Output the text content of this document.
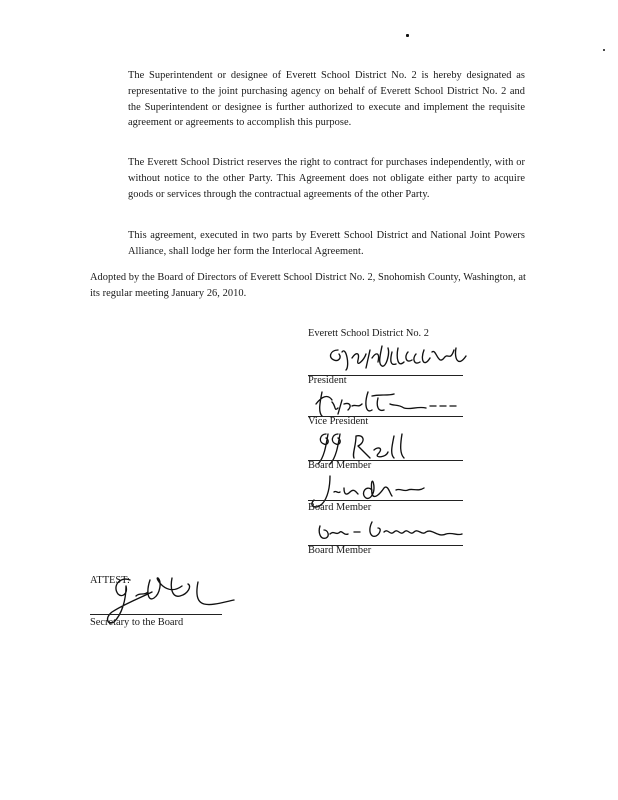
The Superintendent or designee of Everett School District No. 2 is hereby designated as representative to the joint purchasing agency on behalf of Everett School District No. 2 and the Superintendent or designee is further authorized to execute and implement the requisite agreement or agreements to accomplish this purpose.

The Everett School District reserves the right to contract for purchases independently, with or without notice to the other Party. This Agreement does not obligate either party to acquire goods or services through the contractual agreements of the other Party.

This agreement, executed in two parts by Everett School District and National Joint Powers Alliance, shall lodge her form the Interlocal Agreement.

Adopted by the Board of Directors of Everett School District No. 2, Snohomish County, Washington, at its regular meeting January 26, 2010.

Everett School District No. 2
President
Vice President
Board Member
Board Member
Board Member
ATTEST:
Secretary to the Board
